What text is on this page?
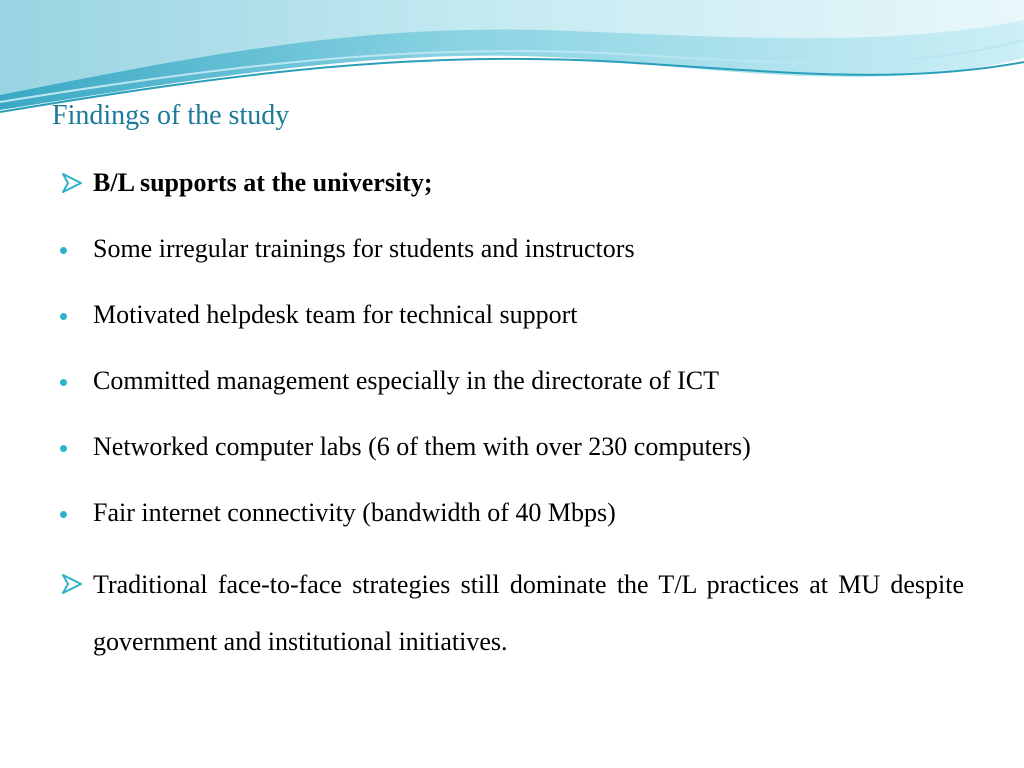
Findings of the study
B/L supports at the university;
Some irregular trainings for students and instructors
Motivated helpdesk team for technical support
Committed management especially in the directorate of ICT
Networked computer labs (6 of them with over 230 computers)
Fair internet connectivity (bandwidth of 40 Mbps)
Traditional face-to-face strategies still dominate the T/L practices at MU despite government and institutional initiatives.
